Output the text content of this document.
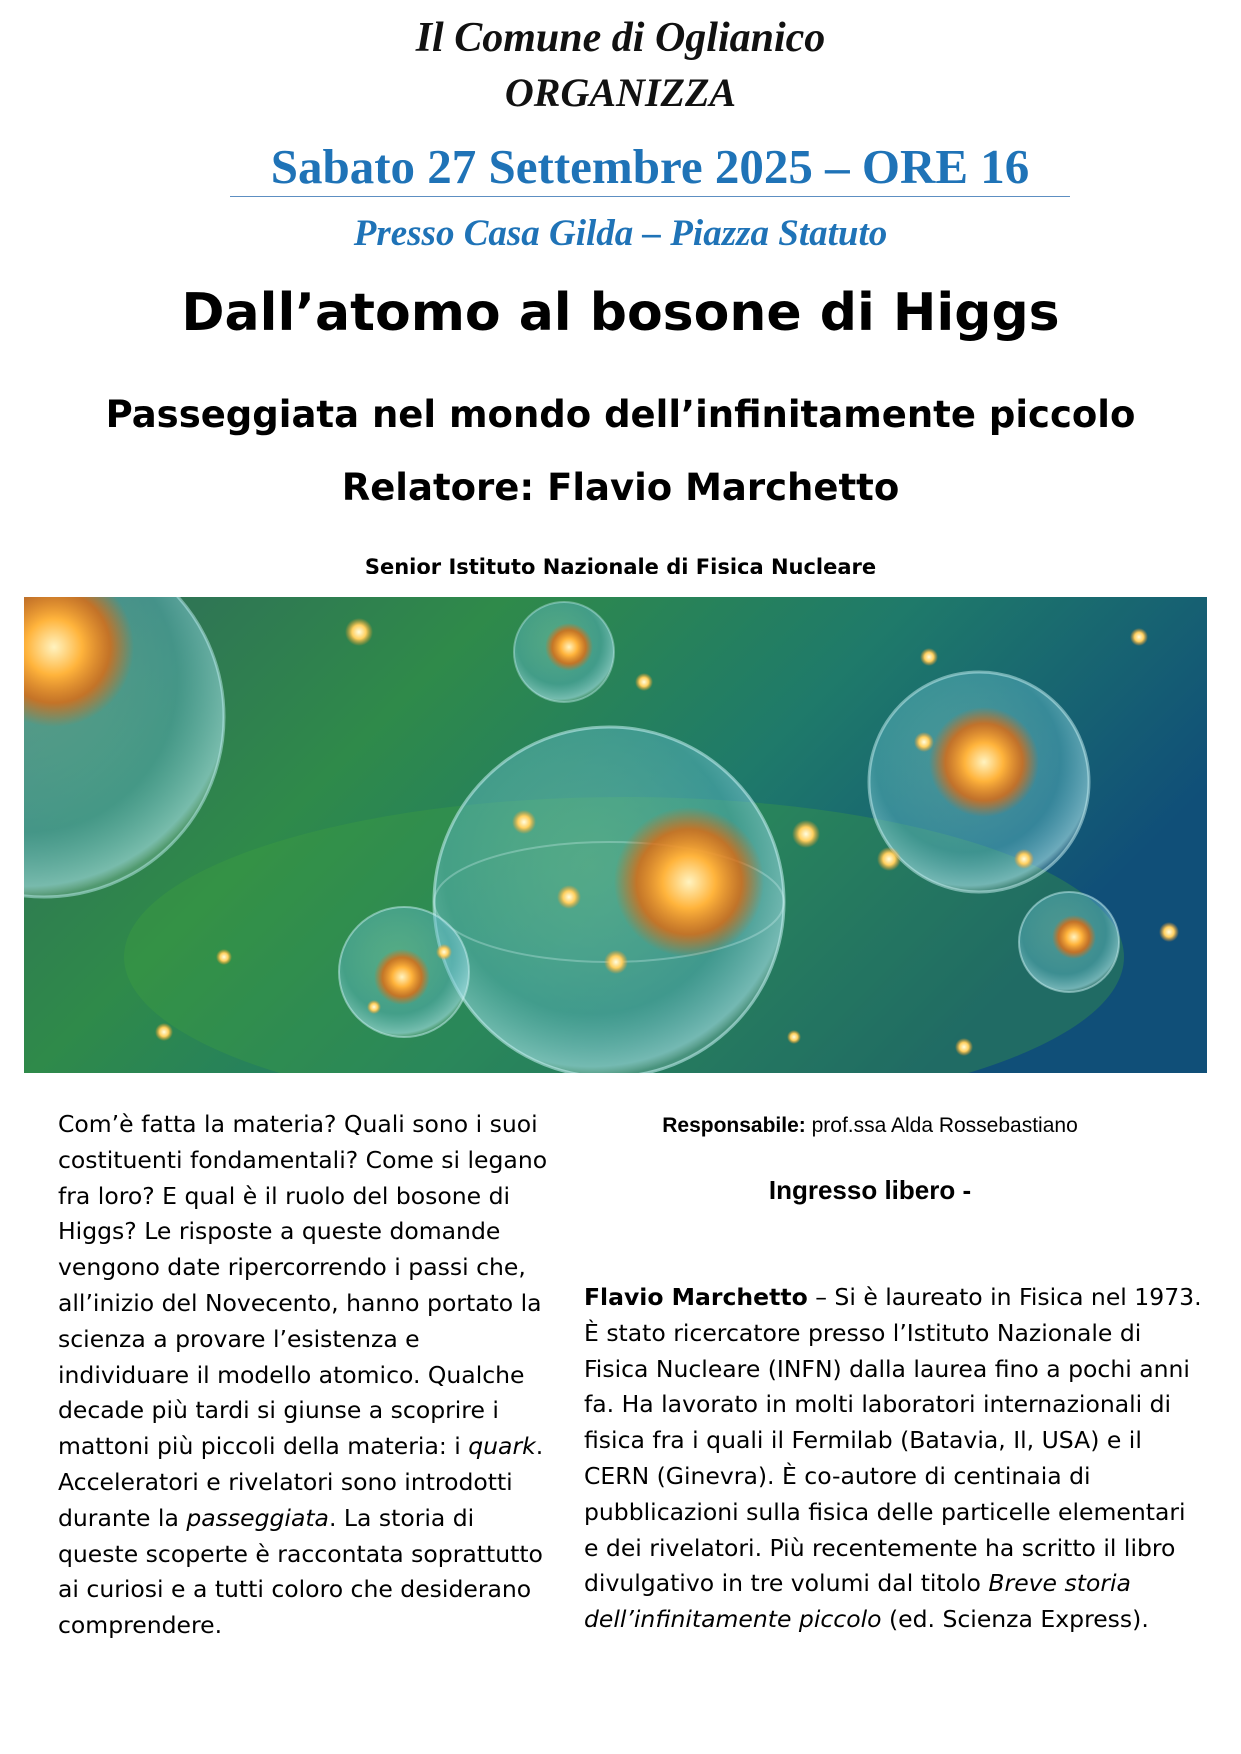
Il Comune di Oglianico
ORGANIZZA
Sabato 27 Settembre 2025 – ORE 16
Presso Casa Gilda – Piazza Statuto
Dall’atomo al bosone di Higgs
Passeggiata nel mondo dell’infinitamente piccolo
Relatore: Flavio Marchetto
Senior Istituto Nazionale di Fisica Nucleare

Com’è fatta la materia? Quali sono i suoi costituenti fondamentali? Come si legano fra loro? E qual è il ruolo del bosone di Higgs? Le risposte a queste domande vengono date ripercorrendo i passi che, all’inizio del Novecento, hanno portato la scienza a provare l’esistenza e individuare il modello atomico. Qualche decade più tardi si giunse a scoprire i mattoni più piccoli della materia: i quark. Acceleratori e rivelatori sono introdotti durante la passeggiata. La storia di queste scoperte è raccontata soprattutto ai curiosi e a tutti coloro che desiderano comprendere.

Responsabile: prof.ssa Alda Rossebastiano
Ingresso libero -

Flavio Marchetto – Si è laureato in Fisica nel 1973. È stato ricercatore presso l’Istituto Nazionale di Fisica Nucleare (INFN) dalla laurea fino a pochi anni fa. Ha lavorato in molti laboratori internazionali di fisica fra i quali il Fermilab (Batavia, Il, USA) e il CERN (Ginevra). È co-autore di centinaia di pubblicazioni sulla fisica delle particelle elementari e dei rivelatori. Più recentemente ha scritto il libro divulgativo in tre volumi dal titolo Breve storia dell’infinitamente piccolo (ed. Scienza Express).
